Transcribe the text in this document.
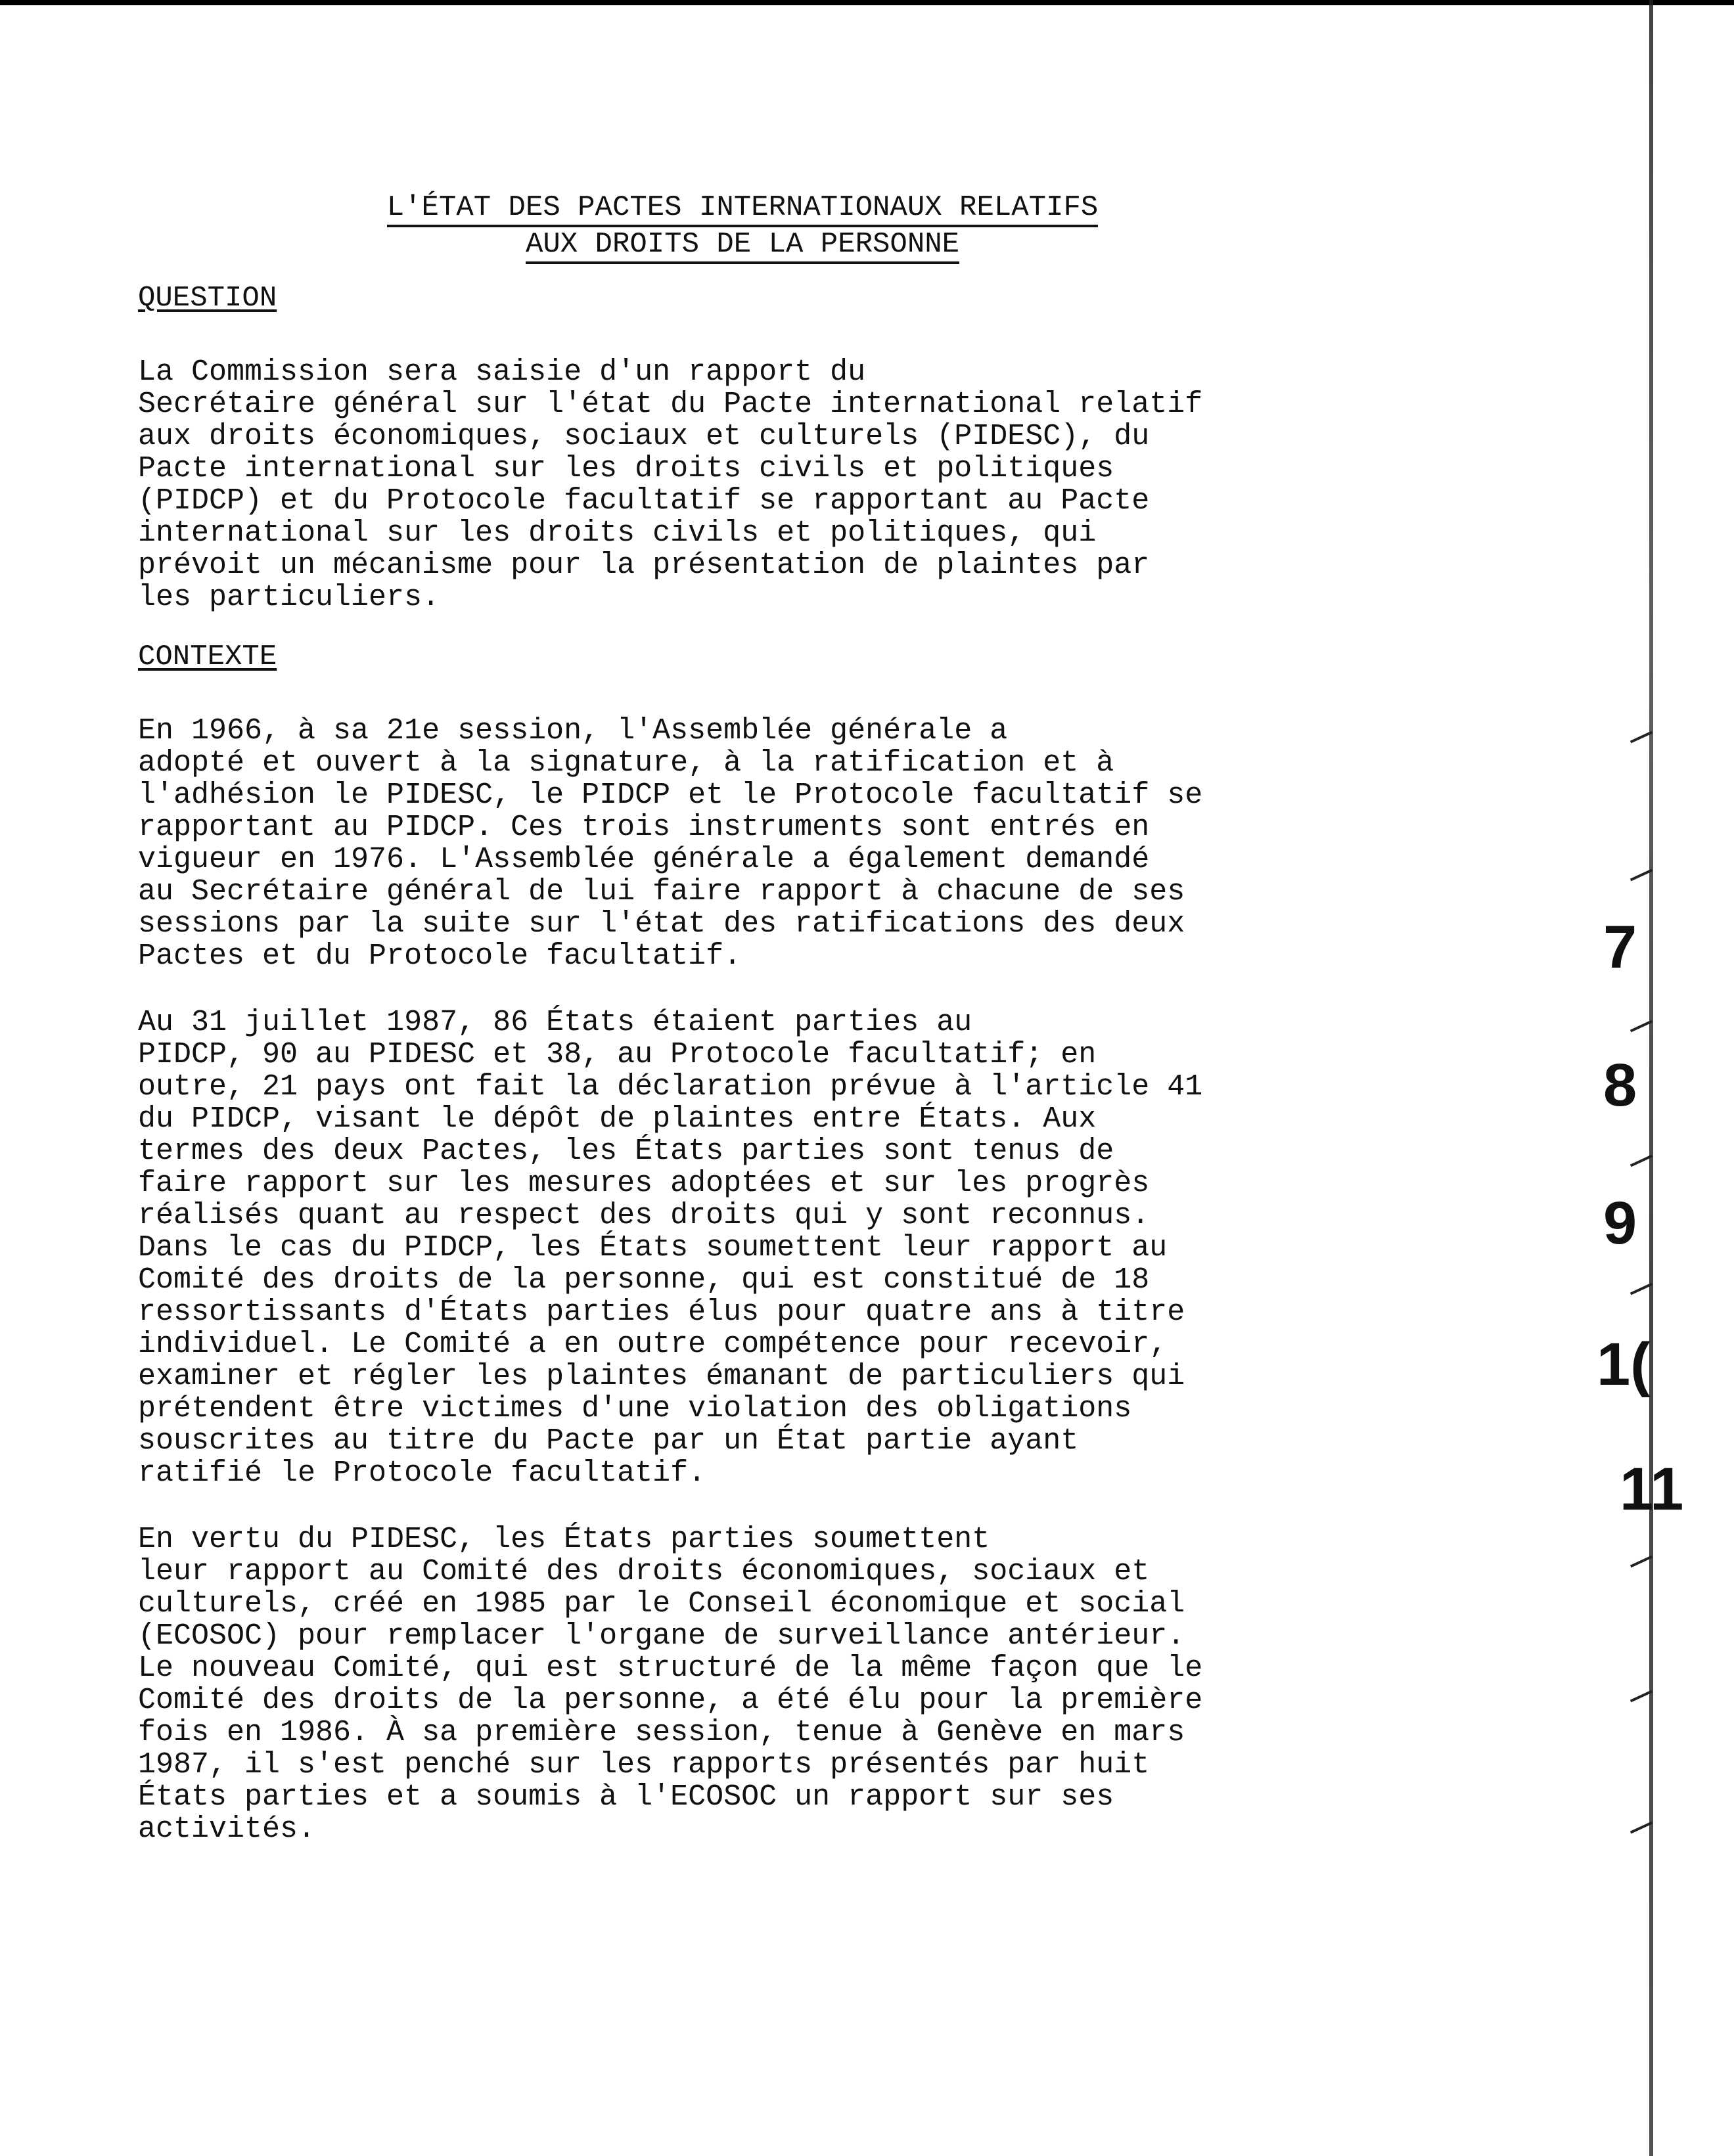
L'ÉTAT DES PACTES INTERNATIONAUX RELATIFS
AUX DROITS DE LA PERSONNE
QUESTION

La Commission sera saisie d'un rapport du
Secrétaire général sur l'état du Pacte international relatif
aux droits économiques, sociaux et culturels (PIDESC), du
Pacte international sur les droits civils et politiques
(PIDCP) et du Protocole facultatif se rapportant au Pacte
international sur les droits civils et politiques, qui
prévoit un mécanisme pour la présentation de plaintes par
les particuliers.

CONTEXTE

En 1966, à sa 21e session, l'Assemblée générale a
adopté et ouvert à la signature, à la ratification et à
l'adhésion le PIDESC, le PIDCP et le Protocole facultatif se
rapportant au PIDCP. Ces trois instruments sont entrés en
vigueur en 1976. L'Assemblée générale a également demandé
au Secrétaire général de lui faire rapport à chacune de ses
sessions par la suite sur l'état des ratifications des deux
Pactes et du Protocole facultatif.

Au 31 juillet 1987, 86 États étaient parties au
PIDCP, 90 au PIDESC et 38, au Protocole facultatif; en
outre, 21 pays ont fait la déclaration prévue à l'article 41
du PIDCP, visant le dépôt de plaintes entre États. Aux
termes des deux Pactes, les États parties sont tenus de
faire rapport sur les mesures adoptées et sur les progrès
réalisés quant au respect des droits qui y sont reconnus.
Dans le cas du PIDCP, les États soumettent leur rapport au
Comité des droits de la personne, qui est constitué de 18
ressortissants d'États parties élus pour quatre ans à titre
individuel. Le Comité a en outre compétence pour recevoir,
examiner et régler les plaintes émanant de particuliers qui
prétendent être victimes d'une violation des obligations
souscrites au titre du Pacte par un État partie ayant
ratifié le Protocole facultatif.

En vertu du PIDESC, les États parties soumettent
leur rapport au Comité des droits économiques, sociaux et
culturels, créé en 1985 par le Conseil économique et social
(ECOSOC) pour remplacer l'organe de surveillance antérieur.
Le nouveau Comité, qui est structuré de la même façon que le
Comité des droits de la personne, a été élu pour la première
fois en 1986. À sa première session, tenue à Genève en mars
1987, il s'est penché sur les rapports présentés par huit
États parties et a soumis à l'ECOSOC un rapport sur ses
activités.

7
8
9
1(
11
